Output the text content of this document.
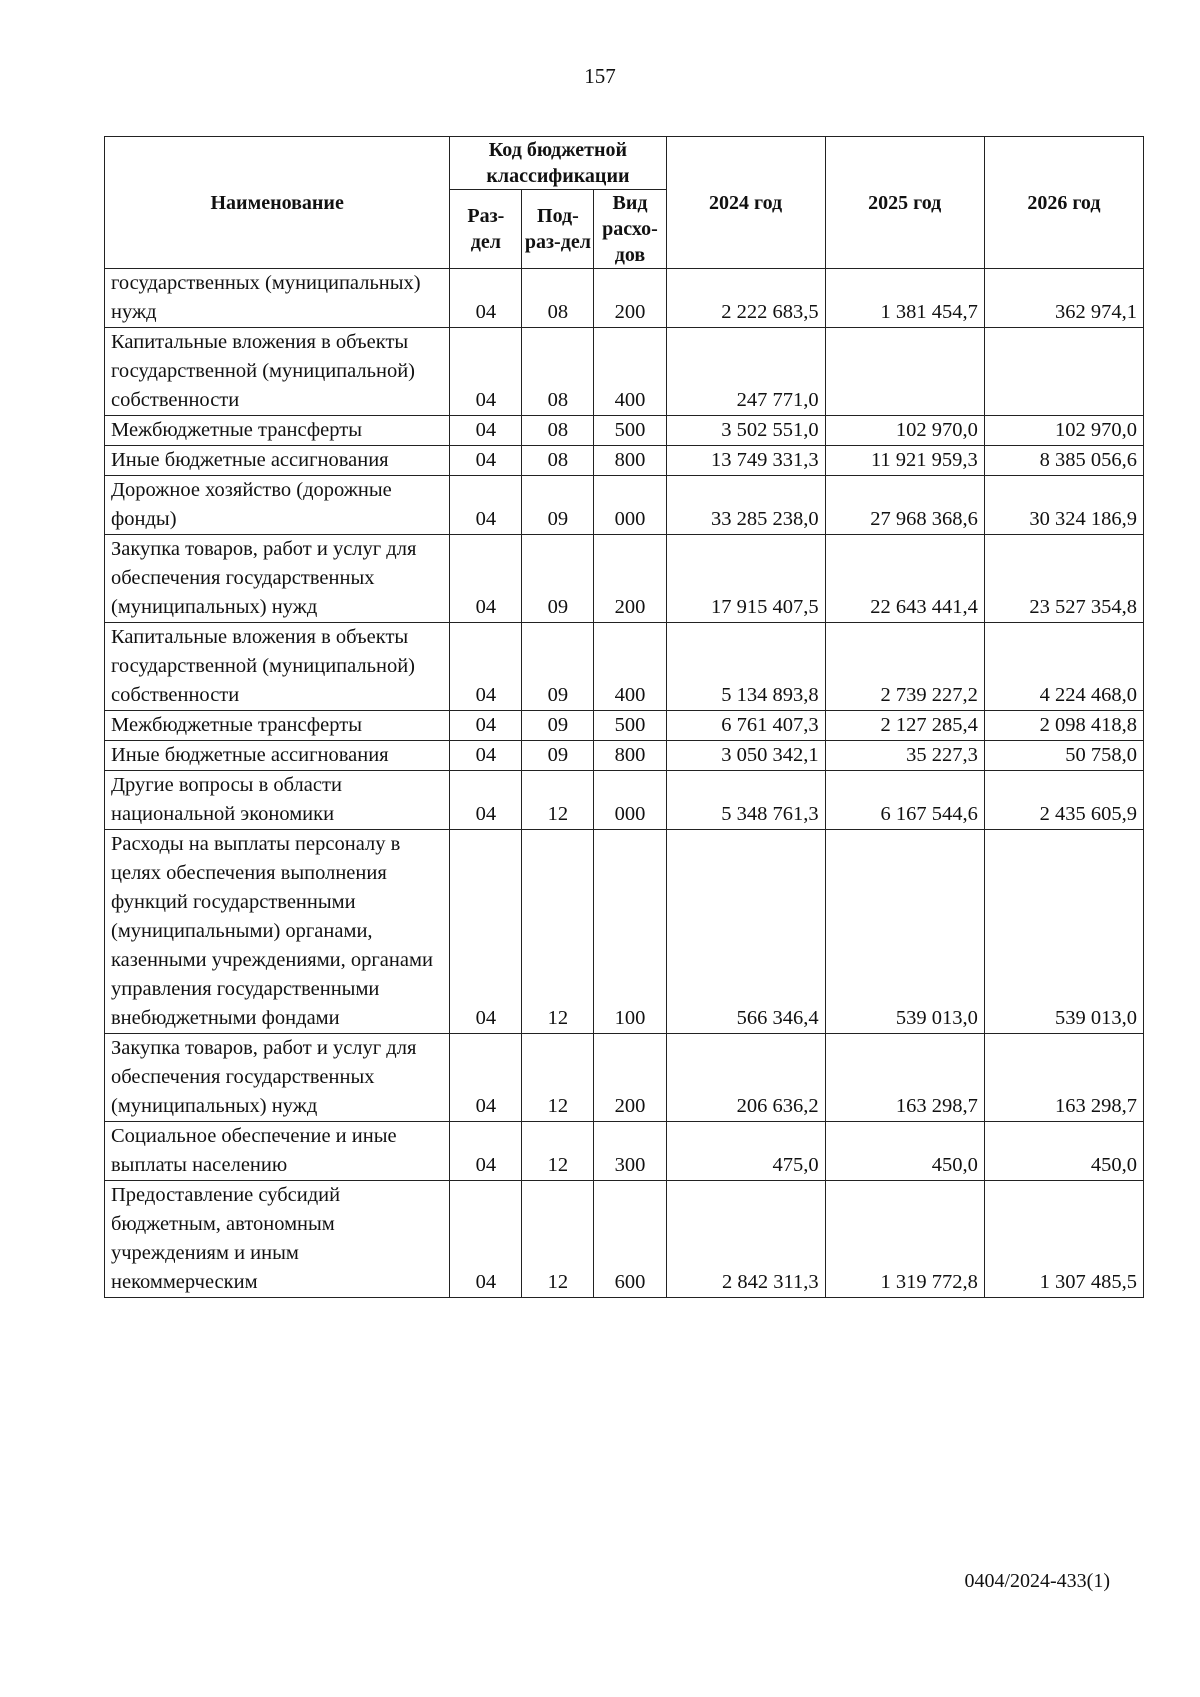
157
Наименование	Код бюджетной классификации			2024 год	2025 год	2026 год
	Раз-дел	Под-раз-дел	Вид расхо-дов			
государственных (муниципальных) нужд	04	08	200	2 222 683,5	1 381 454,7	362 974,1
Капитальные вложения в объекты государственной (муниципальной) собственности	04	08	400	247 771,0		
Межбюджетные трансферты	04	08	500	3 502 551,0	102 970,0	102 970,0
Иные бюджетные ассигнования	04	08	800	13 749 331,3	11 921 959,3	8 385 056,6
Дорожное хозяйство (дорожные фонды)	04	09	000	33 285 238,0	27 968 368,6	30 324 186,9
Закупка товаров, работ и услуг для обеспечения государственных (муниципальных) нужд	04	09	200	17 915 407,5	22 643 441,4	23 527 354,8
Капитальные вложения в объекты государственной (муниципальной) собственности	04	09	400	5 134 893,8	2 739 227,2	4 224 468,0
Межбюджетные трансферты	04	09	500	6 761 407,3	2 127 285,4	2 098 418,8
Иные бюджетные ассигнования	04	09	800	3 050 342,1	35 227,3	50 758,0
Другие вопросы в области национальной экономики	04	12	000	5 348 761,3	6 167 544,6	2 435 605,9
Расходы на выплаты персоналу в целях обеспечения выполнения функций государственными (муниципальными) органами, казенными учреждениями, органами управления государственными внебюджетными фондами	04	12	100	566 346,4	539 013,0	539 013,0
Закупка товаров, работ и услуг для обеспечения государственных (муниципальных) нужд	04	12	200	206 636,2	163 298,7	163 298,7
Социальное обеспечение и иные выплаты населению	04	12	300	475,0	450,0	450,0
Предоставление субсидий бюджетным, автономным учреждениям и иным некоммерческим	04	12	600	2 842 311,3	1 319 772,8	1 307 485,5
0404/2024-433(1)
